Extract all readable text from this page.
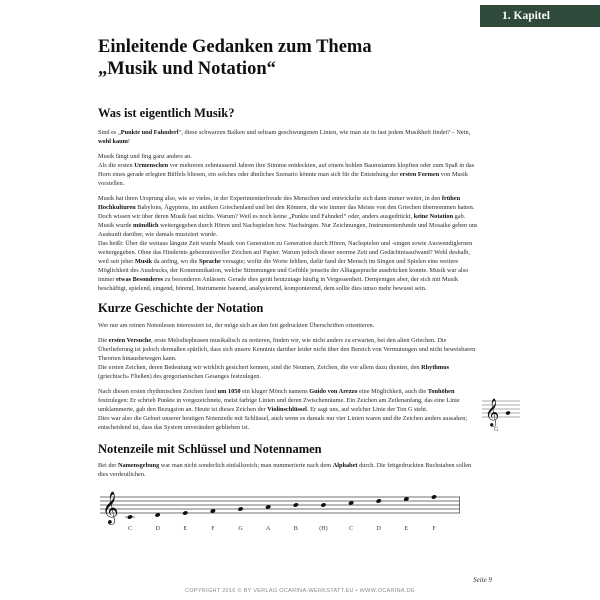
1. Kapitel
Einleitende Gedanken zum Thema
„Musik und Notation“
Was ist eigentlich Musik?

Sind es „Punkte und Fahnderl“, diese schwarzen Balken und seltsam geschwungenen Linien, wie man sie in fast jedem Musikheft findet? – Nein, wohl kaum!

Musik fängt und fing ganz anders an.
Als die ersten Urmenschen vor mehreren zehntausend Jahren ihre Stimme entdeckten, auf einem hohlen Baumstamm klopften oder zum Spaß in das Horn eines gerade erlegten Büffels bliesen, ein solches oder ähnliches Szenario könnte man sich für die Entstehung der ersten Formen von Musik vorstellen.

Musik hat ihren Ursprung also, wie so vieles, in der Experimentierfreude des Menschen und entwickelte sich dann immer weiter, in den frühen Hochkulturen Babylons, Ägyptens, im antiken Griechenland und bei den Römern, die wie immer das Meiste von den Griechen übernommen hatten. Doch wissen wir über deren Musik fast nichts. Warum? Weil es noch keine „Punkte und Fahnderl“ oder, anders ausgedrückt, keine Notation gab. Musik wurde mündlich weitergegeben durch Hören und Nachspielen bzw. Nachsingen. Nur Zeichnungen, Instrumentenfunde und Mosaike geben uns Auskunft darüber, wie damals musiziert wurde.
Das heißt: Über die weitaus längste Zeit wurde Musik von Generation zu Generation durch Hören, Nachspielen und -singen sowie Auswendiglernen weitergegeben. Ohne das Hindernis geheimnisvoller Zeichen auf Papier. Warum jedoch dieser enorme Zeit und Gedächtnisaufwand? Wohl deshalb, weil seit jeher Musik da anfing, wo die Sprache versagte; wofür die Worte fehlten, dafür fand der Mensch im Singen und Spielen eine weitere Möglichkeit des Ausdrucks, der Kommunikation, welche Stimmungen und Gefühle jenseits der Alltagssprache ausdrücken konnte. Musik war also immer etwas Besonderes zu besonderen Anlässen. Gerade dies gerät heutzutage häufig in Vergessenheit. Demjenigen aber, der sich mit Musik beschäftigt, spielend, singend, hörend, Instrumente bauend, analysierend, komponierend, dem sollte dies umso mehr bewusst sein.

Kurze Geschichte der Notation

Wer nur am reinen Notenlesen interessiert ist, der möge sich an den fett gedruckten Überschriften orientieren.

Die ersten Versuche, erste Melodiephrasen musikalisch zu notieren, finden wir, wie nicht anders zu erwarten, bei den alten Griechen. Die Überlieferung ist jedoch dermaßen spärlich, dass sich unsere Kenntnis darüber leider nicht über den Bereich von Vermutungen und nicht beweisbaren Theorien hinausbewegen kann.
Die ersten Zeichen, deren Bedeutung wir wirklich gesichert kennen, sind die Neumen, Zeichen, die vor allem dazu dienten, den Rhythmus (griechisch» Fließen) des gregorianischen Gesanges festzulegen.

Nach diesen ersten rhythmischen Zeichen fand um 1050 ein kluger Mönch namens Guido von Arezzo eine Möglichkeit, auch die Tonhöhen festzulegen: Er schrieb Punkte in vorgezeichnete, meist farbige Linien und deren Zwischenräume. Ein Zeichen am Zeilenanfang, das eine Linie umklammerte, gab den Bezugston an. Heute ist dieses Zeichen der Violinschlüssel. Er sagt uns, auf welcher Linie der Ton G steht.
Dies war also die Geburt unserer heutigen Notenzeile mit Schlüssel, auch wenn es damals nur vier Linien waren und die Zeichen anders aussahen; entscheidend ist, dass das System unverändert geblieben ist.

𝄞
G
Notenzeile mit Schlüssel und Notennamen

Bei der Namensgebung war man nicht sonderlich einfallsreich; man nummerierte nach dem Alphabet durch. Die fettgedruckten Buchstaben sollen dies verdeutlichen.

𝄞
C	D	E	F	G	A	B	(H)	C	D	E	F
Seite 9
COPYRIGHT 2016 © BY VERLAG OCARINA-WERKSTATT.EU • WWW.OCARINA.DE
